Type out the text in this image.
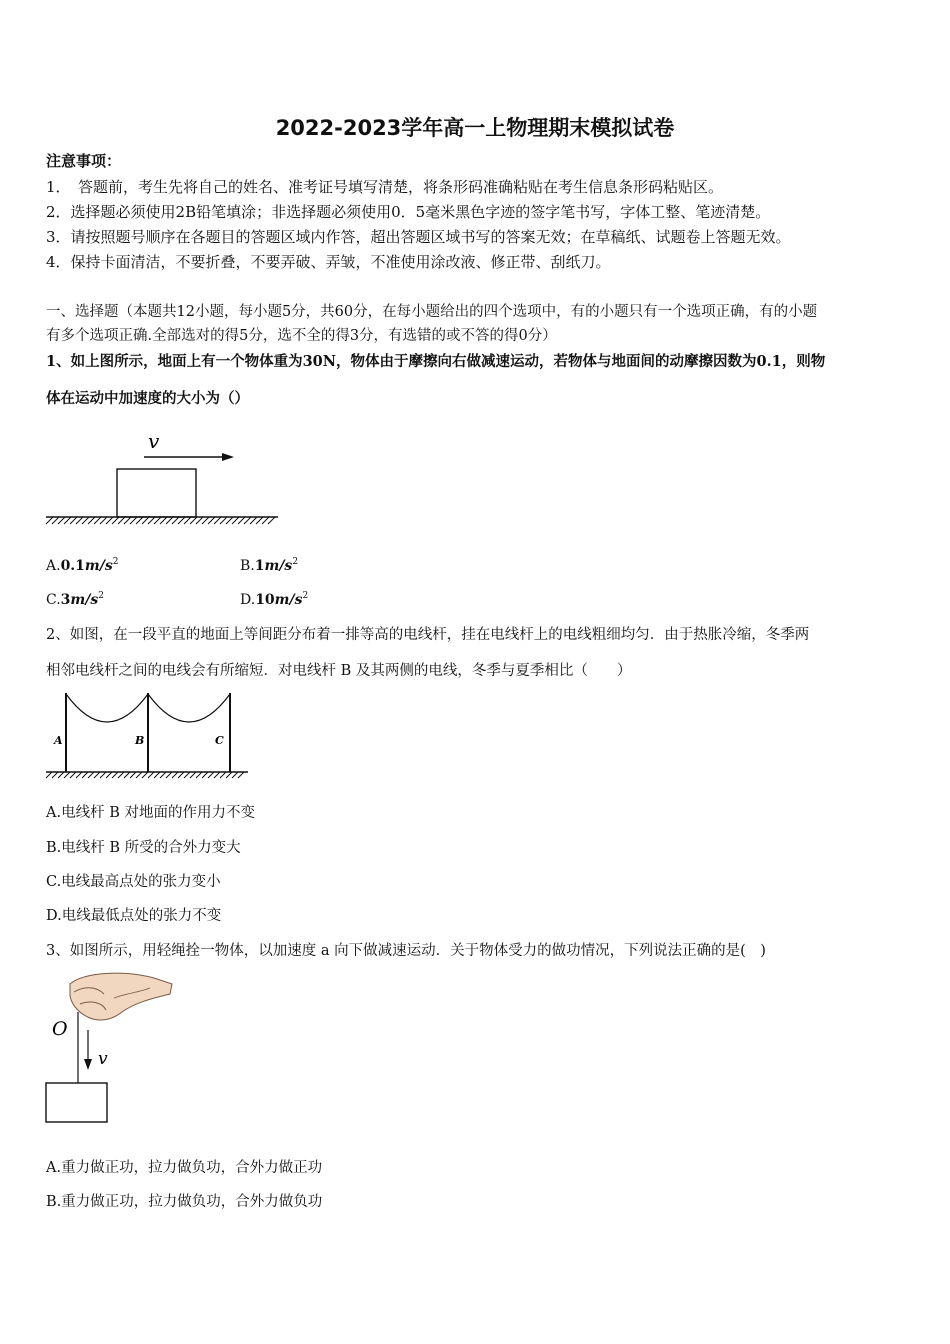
2022-2023学年高一上物理期末模拟试卷
注意事项：
1．　答题前，考生先将自己的姓名、准考证号填写清楚，将条形码准确粘贴在考生信息条形码粘贴区。
2．选择题必须使用2B铅笔填涂；非选择题必须使用0．5毫米黑色字迹的签字笔书写，字体工整、笔迹清楚。
3．请按照题号顺序在各题目的答题区域内作答，超出答题区域书写的答案无效；在草稿纸、试题卷上答题无效。
4．保持卡面清洁，不要折叠，不要弄破、弄皱，不准使用涂改液、修正带、刮纸刀。
一、选择题（本题共12小题，每小题5分，共60分，在每小题给出的四个选项中，有的小题只有一个选项正确，有的小题
有多个选项正确.全部选对的得5分，选不全的得3分，有选错的或不答的得0分）
1、如上图所示，地面上有一个物体重为30N，物体由于摩擦向右做减速运动，若物体与地面间的动摩擦因数为0.1，则物
体在运动中加速度的大小为（）
v
$A.0.1m/s^2$	$B.1m/s^2$
$C.3m/s^2$	$D.10m/s^2$
2、如图，在一段平直的地面上等间距分布着一排等高的电线杆，挂在电线杆上的电线粗细均匀．由于热胀冷缩，冬季两
相邻电线杆之间的电线会有所缩短．对电线杆 B 及其两侧的电线，冬季与夏季相比（　　）
A	B	C
A.电线杆 B 对地面的作用力不变
B.电线杆 B 所受的合外力变大
C.电线最高点处的张力变小
D.电线最低点处的张力不变
3、如图所示，用轻绳拴一物体，以加速度 a 向下做减速运动．关于物体受力的做功情况，下列说法正确的是(　)
O
v
A.重力做正功，拉力做负功，合外力做正功
B.重力做正功，拉力做负功，合外力做负功
